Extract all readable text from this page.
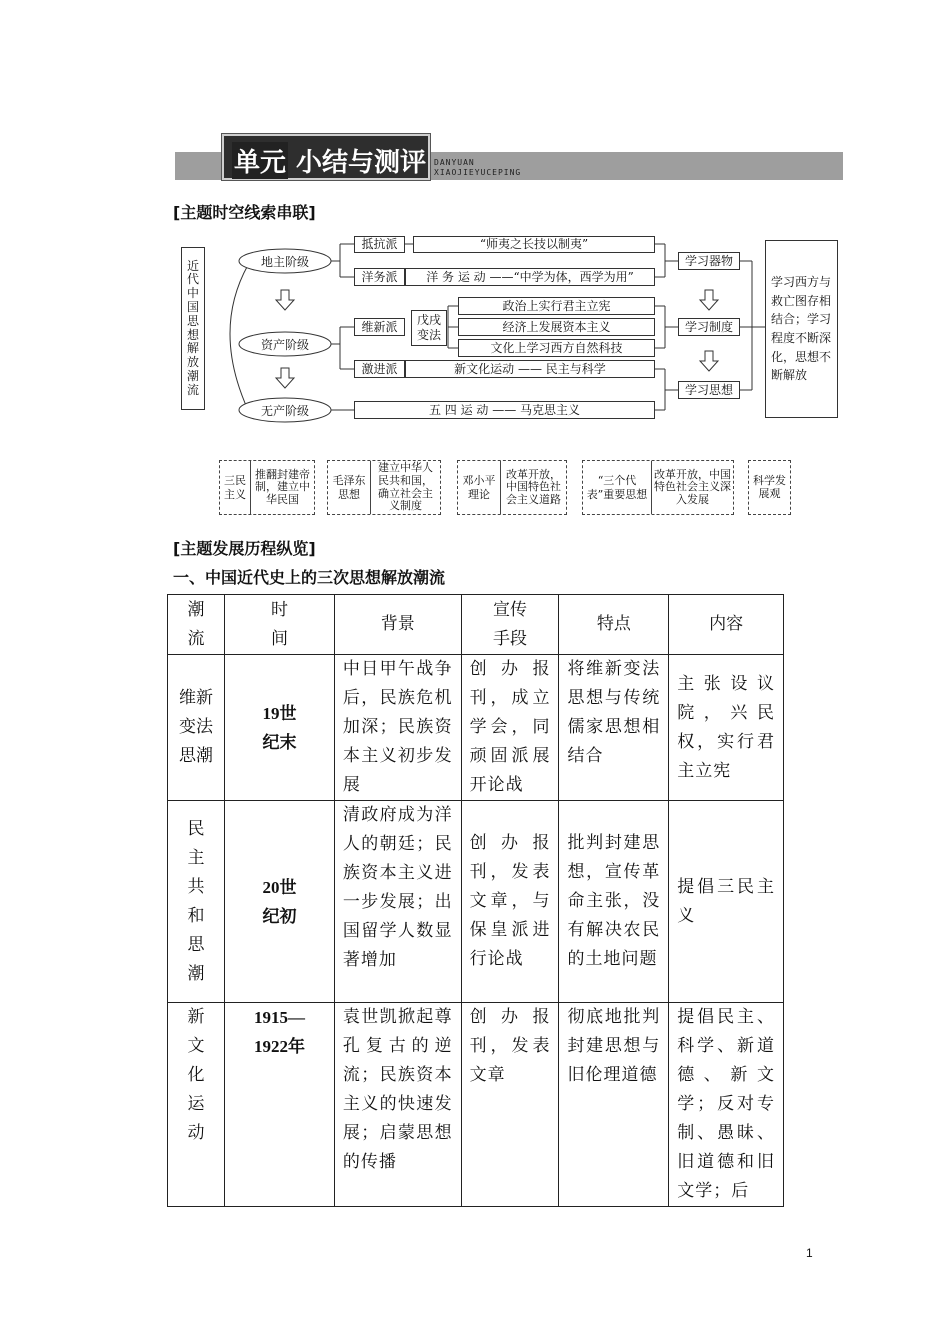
单元 小结与测评 DANYUAN
XIAOJIEYUCEPING
[主题时空线索串联]
近代中国思想解放潮流
地主阶级
资产阶级
无产阶级
抵抗派
洋务派
维新派
激进派
戊戌变法
“师夷之长技以制夷”
洋 务 运 动 ——“中学为体，西学为用”
政治上实行君主立宪
经济上发展资本主义
文化上学习西方自然科技
新文化运动 —— 民主与科学
五 四 运 动 —— 马克思主义
学习器物
学习制度
学习思想
学习西方与救亡图存相结合；学习程度不断深化，思想不断解放
三民主义
推翻封建帝制，建立中华民国
毛泽东思想
建立中华人民共和国，确立社会主义制度
邓小平理论
改革开放，中国特色社会主义道路
“三个代表”重要思想
改革开放，中国特色社会主义深入发展
科学发展观
[主题发展历程纵览]
一、中国近代史上的三次思想解放潮流
潮流	时间	背景	宣传手段	特点	内容
维新变法思潮	19世纪末	中日甲午战争后，民族危机加深；民族资本主义初步发展	创办报刊，成立学会，同顽固派展开论战	将维新变法思想与传统儒家思想相结合	主张设议院，兴民权，实行君主立宪
民主共和思潮	20世纪初	清政府成为洋人的朝廷；民族资本主义进一步发展；出国留学人数显著增加	创办报刊，发表文章，与保皇派进行论战	批判封建思想，宣传革命主张，没有解决农民的土地问题	提倡三民主义
新文化运动	1915—1922年	袁世凯掀起尊孔复古的逆流；民族资本主义的快速发展；启蒙思想的传播	创办报刊，发表文章	彻底地批判封建思想与旧伦理道德	提倡民主、科学、新道德、新文学；反对专制、愚昧、旧道德和旧文学；后
1
